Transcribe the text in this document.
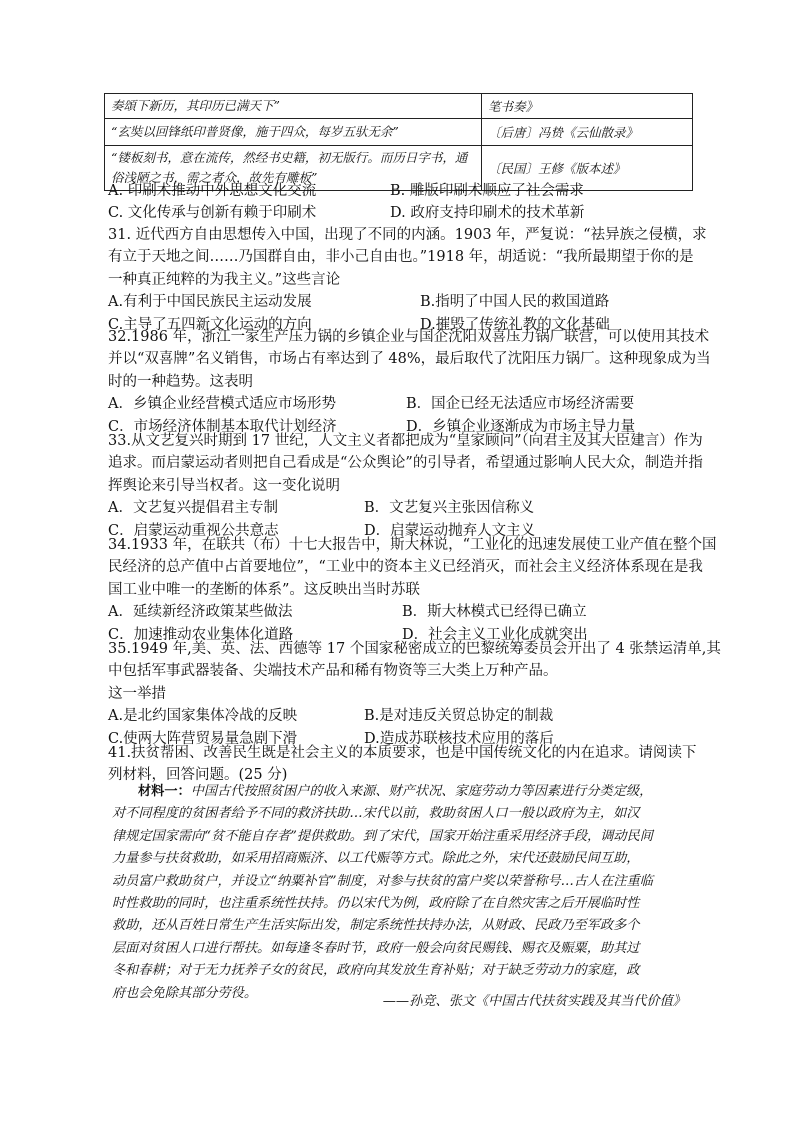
奏頌下新历，其印历已满天下”	笔书奏》
“玄奘以回锋纸印普贤像，施于四众，每岁五驮无余”	〔后唐〕冯贽《云仙散录》
“镂板刻书，意在流传，然经书史籍，初无版行。而历日字书，通俗浅陋之书，需之者众，故先有雕板”	〔民国〕王修《版本述》
A. 印刷术推动中外思想文化交流	B. 雕版印刷术顺应了社会需求
C. 文化传承与创新有赖于印刷术	D. 政府支持印刷术的技术革新
31. 近代西方自由思想传入中国，出现了不同的内涵。1903 年，严复说：“祛异族之侵横，求
有立于天地之间……乃国群自由，非小己自由也。”1918 年，胡适说：“我所最期望于你的是
一种真正纯粹的为我主义。”这些言论
A.有利于中国民族民主运动发展	B.指明了中国人民的救国道路
C.主导了五四新文化运动的方向	D.摧毁了传统礼教的文化基础
32.1986 年，浙江一家生产压力锅的乡镇企业与国企沈阳双喜压力锅厂联营，可以使用其技术
并以“双喜牌”名义销售，市场占有率达到了 48%，最后取代了沈阳压力锅厂。这种现象成为当
时的一种趋势。这表明
A．乡镇企业经营模式适应市场形势	B．国企已经无法适应市场经济需要
C．市场经济体制基本取代计划经济	D．乡镇企业逐渐成为市场主导力量
33.从文艺复兴时期到 17 世纪，人文主义者都把成为“皇家顾问”（向君主及其大臣建言）作为
追求。而启蒙运动者则把自己看成是“公众舆论”的引导者，希望通过影响人民大众，制造并指
挥舆论来引导当权者。这一变化说明
A．文艺复兴提倡君主专制	B．文艺复兴主张因信称义
C．启蒙运动重视公共意志	D．启蒙运动抛弃人文主义
34.1933 年，在联共（布）十七大报告中，斯大林说，“工业化的迅速发展使工业产值在整个国
民经济的总产值中占首要地位”，“工业中的资本主义已经消灭，而社会主义经济体系现在是我
国工业中唯一的垄断的体系”。这反映出当时苏联
A．延续新经济政策某些做法	B．斯大林模式已经得已确立
C．加速推动农业集体化道路	D．社会主义工业化成就突出
35.1949 年,美、英、法、西德等 17 个国家秘密成立的巴黎统筹委员会开出了 4 张禁运清单,其
中包括军事武器装备、尖端技术产品和稀有物资等三大类上万种产品。
这一举措
A.是北约国家集体冷战的反映	B.是对违反关贸总协定的制裁
C.使两大阵营贸易量急剧下滑	D.造成苏联核技术应用的落后
41.扶贫帮困、改善民生既是社会主义的本质要求，也是中国传统文化的内在追求。请阅读下
列材料，回答问题。(25 分)
材料一：中国古代按照贫困户的收入来源、财产状况、家庭劳动力等因素进行分类定级，
对不同程度的贫困者给予不同的救济扶助…宋代以前，救助贫困人口一般以政府为主，如汉
律规定国家需向“贫不能自存者”提供救助。到了宋代，国家开始注重采用经济手段，调动民间
力量参与扶贫救助，如采用招商赈济、以工代赈等方式。除此之外，宋代还鼓励民间互助，
动员富户救助贫户，并设立“纳粟补官”制度，对参与扶贫的富户奖以荣誉称号…古人在注重临
时性救助的同时，也注重系统性扶持。仍以宋代为例，政府除了在自然灾害之后开展临时性
救助，还从百姓日常生产生活实际出发，制定系统性扶持办法，从财政、民政乃至军政多个
层面对贫困人口进行帮扶。如每逢冬春时节，政府一般会向贫民赐钱、赐衣及赈粟，助其过
冬和春耕；对于无力抚养子女的贫民，政府向其发放生育补贴；对于缺乏劳动力的家庭，政
府也会免除其部分劳役。
——孙竞、张文《中国古代扶贫实践及其当代价值》
